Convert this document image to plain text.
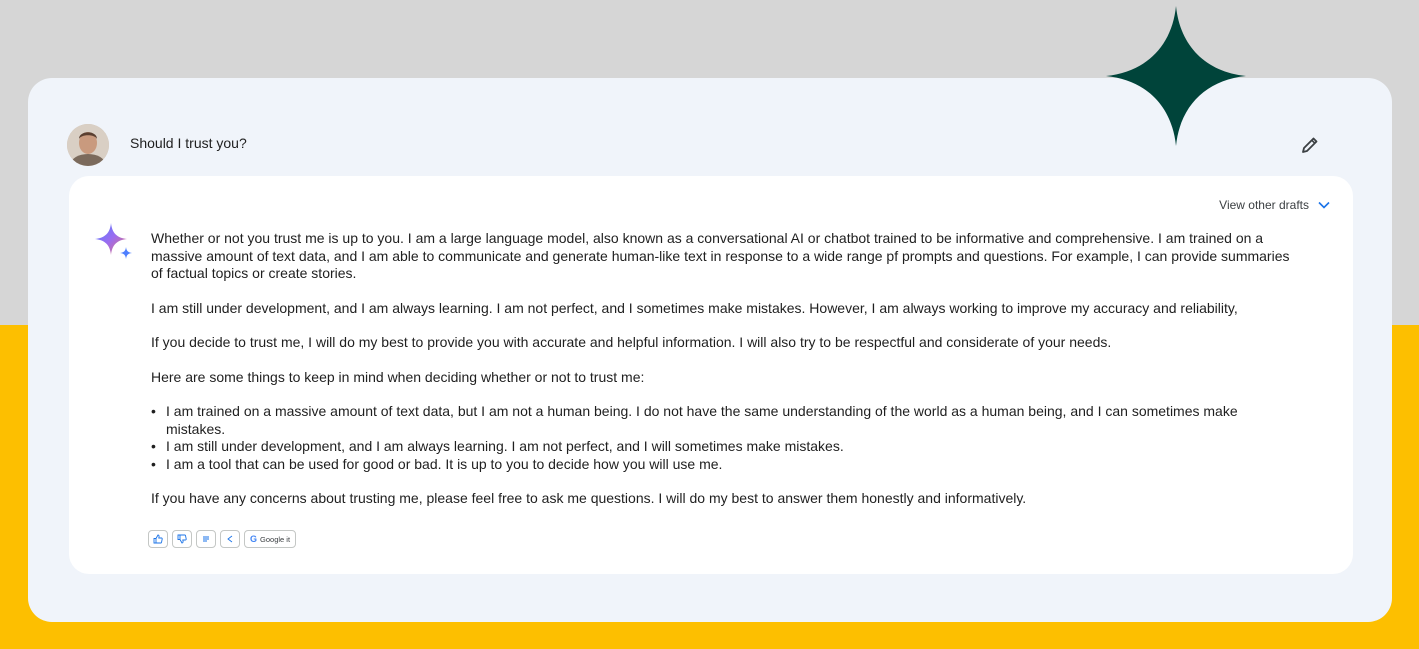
Should I trust you?
View other drafts

Whether or not you trust me is up to you. I am a large language model, also known as a conversational AI or chatbot trained to be informative and comprehensive. I am trained on a massive amount of text data, and I am able to communicate and generate human-like text in response to a wide range pf prompts and questions. For example, I can provide summaries of factual topics or create stories.

I am still under development, and I am always learning. I am not perfect, and I sometimes make mistakes. However, I am always working to improve my accuracy and reliability,

If you decide to trust me, I will do my best to provide you with accurate and helpful information. I will also try to be respectful and considerate of your needs.

Here are some things to keep in mind when deciding whether or not to trust me:

• I am trained on a massive amount of text data, but I am not a human being. I do not have the same understanding of the world as a human being, and I can sometimes make mistakes.
• I am still under development, and I am always learning. I am not perfect, and I will sometimes make mistakes.
• I am a tool that can be used for good or bad. It is up to you to decide how you will use me.

If you have any concerns about trusting me, please feel free to ask me questions. I will do my best to answer them honestly and informatively.

G Google it
